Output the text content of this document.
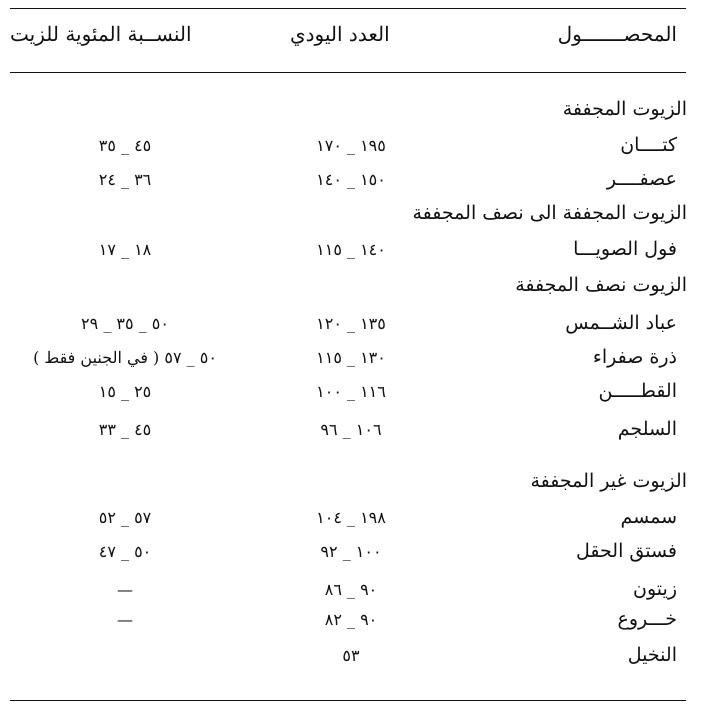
المحصـــــــول
العدد اليودي
النســبة المئوية للزيت
الزيوت المجففة
كتــــان
١٩٥ _ ١٧٠
٤٥ _ ٣٥
عصفــــر
١٥٠ _ ١٤٠
٣٦ _ ٢٤
الزيوت المجففة الى نصف المجففة
فول الصويـــا
١٤٠ _ ١١٥
١٨ _ ١٧
الزيوت نصف المجففة
عباد الشــمس
١٣٥ _ ١٢٠
٥٠ _ ٣٥ _ ٢٩
ذرة صفراء
١٣٠ _ ١١٥
٥٠ _ ٥٧ ( في الجنين فقط )
القطـــــن
١١٦ _ ١٠٠
٢٥ _ ١٥
السلجم
١٠٦ _ ٩٦
٤٥ _ ٣٣
الزيوت غير المجففة
سمسم
١٩٨ _ ١٠٤
٥٧ _ ٥٢
فستق الحقل
١٠٠ _ ٩٢
٥٠ _ ٤٧
زيتون
٩٠ _ ٨٦
—
خـــروع
٩٠ _ ٨٢
—
النخيل
٥٣
